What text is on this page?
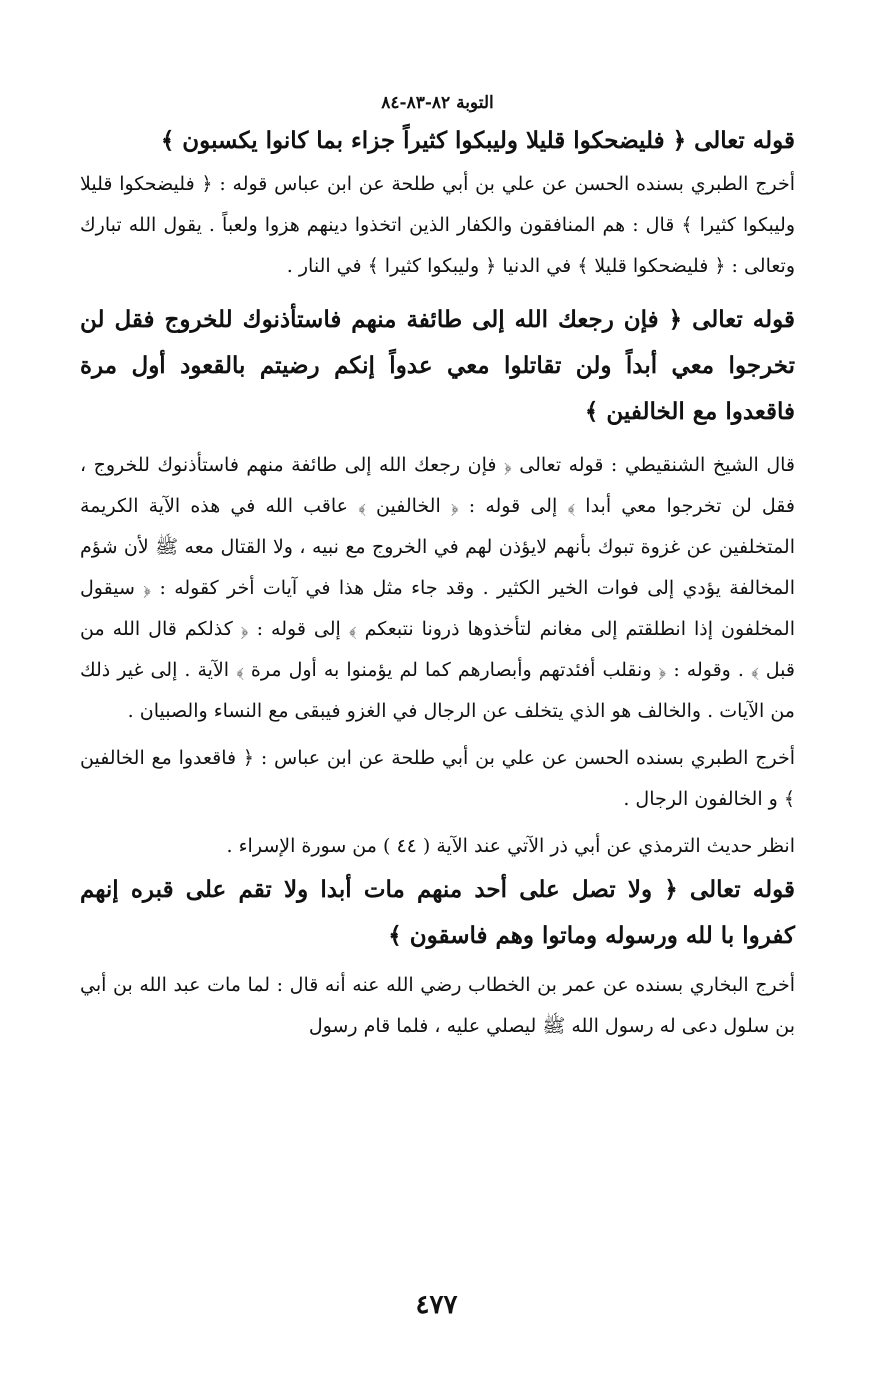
التوبة ٨٢-٨٣-٨٤

قوله تعالى ﴿ فليضحكوا قليلا وليبكوا كثيراً جزاء بما كانوا يكسبون ﴾

أخرج الطبري بسنده الحسن عن علي بن أبي طلحة عن ابن عباس قوله : ﴿ فليضحكوا قليلا وليبكوا كثيرا ﴾ قال : هم المنافقون والكفار الذين اتخذوا دينهم هزوا ولعباً . يقول الله تبارك وتعالى : ﴿ فليضحكوا قليلا ﴾ في الدنيا ﴿ وليبكوا كثيرا ﴾ في النار .

قوله تعالى ﴿ فإن رجعك الله إلى طائفة منهم فاستأذنوك للخروج فقل لن تخرجوا معي أبداً ولن تقاتلوا معي عدواً إنكم رضيتم بالقعود أول مرة فاقعدوا مع الخالفين ﴾

قال الشيخ الشنقيطي : قوله تعالى ﴿ فإن رجعك الله إلى طائفة منهم فاستأذنوك للخروج ، فقل لن تخرجوا معي أبدا ﴾ إلى قوله : ﴿ الخالفين ﴾ عاقب الله في هذه الآية الكريمة المتخلفين عن غزوة تبوك بأنهم لايؤذن لهم في الخروج مع نبيه ، ولا القتال معه ﷺ لأن شؤم المخالفة يؤدي إلى فوات الخير الكثير . وقد جاء مثل هذا في آيات أخر كقوله : ﴿ سيقول المخلفون إذا انطلقتم إلى مغانم لتأخذوها ذرونا نتبعكم ﴾ إلى قوله : ﴿ كذلكم قال الله من قبل ﴾ . وقوله : ﴿ ونقلب أفئدتهم وأبصارهم كما لم يؤمنوا به أول مرة ﴾ الآية . إلى غير ذلك من الآيات . والخالف هو الذي يتخلف عن الرجال في الغزو فيبقى مع النساء والصبيان .

أخرج الطبري بسنده الحسن عن علي بن أبي طلحة عن ابن عباس : ﴿ فاقعدوا مع الخالفين ﴾ و الخالفون الرجال .

انظر حديث الترمذي عن أبي ذر الآتي عند الآية ( ٤٤ ) من سورة الإسراء .

قوله تعالى ﴿ ولا تصل على أحد منهم مات أبدا ولا تقم على قبره إنهم كفروا با لله ورسوله وماتوا وهم فاسقون ﴾

أخرج البخاري بسنده عن عمر بن الخطاب رضي الله عنه أنه قال : لما مات عبد الله بن أبي بن سلول دعى له رسول الله ﷺ ليصلي عليه ، فلما قام رسول

٤٧٧
